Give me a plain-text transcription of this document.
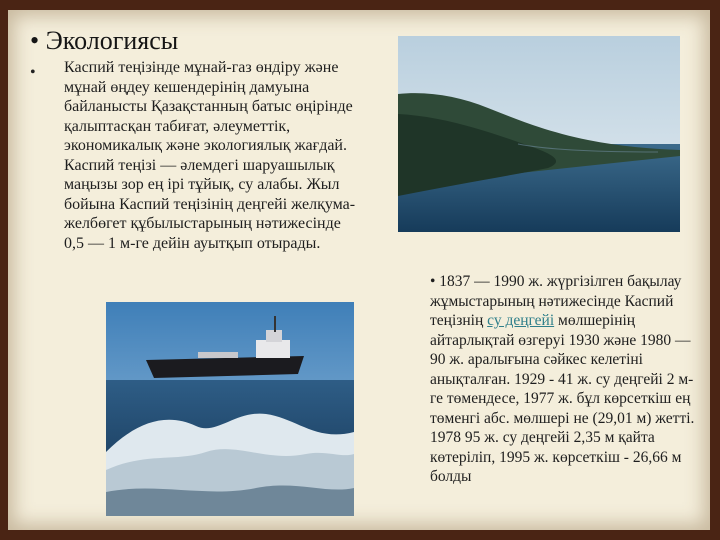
• Экологиясы
• Каспий теңізінде мұнай-газ өндіру және мұнай өңдеу кешендерінің дамуына байланысты Қазақстанның батыс өңірінде қалыптасқан табиғат, әлеуметтік, экономикалық және экологиялық жағдай. Каспий теңізі — әлемдегі шаруашылық маңызы зор ең ірі тұйық, су алабы. Жыл бойына Каспий теңізінің деңгейі желқума-желбөгет құбылыстарының нәтижесінде 0,5 — 1 м-ге дейін ауытқып отырады.
• 1837 — 1990 ж. жүргізілген бақылау жұмыстарының нәтижесінде Каспий теңізнің су деңгейі мөлшерінің айтарлықтай өзгеруі 1930 және 1980 — 90 ж. аралығына сәйкес келетіні анықталған. 1929 - 41 ж. су деңгейі 2 м-ге төмендесе, 1977 ж. бұл көрсеткіш ең төменгі абс. мөлшері не (29,01 м) жетті. 1978 95 ж. су деңгейі 2,35 м қайта көтеріліп, 1995 ж. көрсеткіш - 26,66 м болды
